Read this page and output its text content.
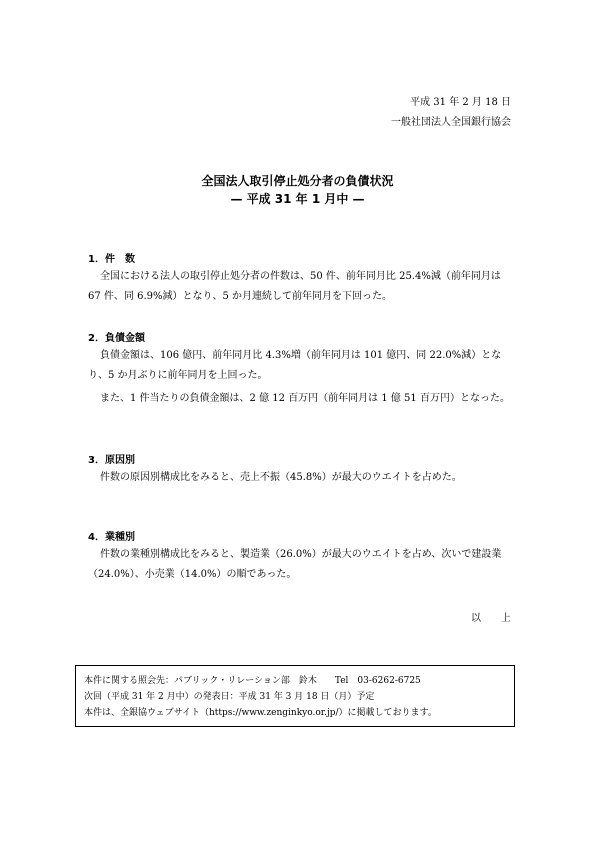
平成 31 年 2 月 18 日
一般社団法人全国銀行協会
全国法人取引停止処分者の負債状況
— 平成 31 年 1 月中 —
1．件　数

全国における法人の取引停止処分者の件数は、50 件、前年同月比 25.4%減（前年同月は 67 件、同 6.9%減）となり、5 か月連続して前年同月を下回った。

2．負債金額

負債金額は、106 億円、前年同月比 4.3%増（前年同月は 101 億円、同 22.0%減）となり、5 か月ぶりに前年同月を上回った。

また、1 件当たりの負債金額は、2 億 12 百万円（前年同月は 1 億 51 百万円）となった。

3．原因別

件数の原因別構成比をみると、売上不振（45.8%）が最大のウエイトを占めた。

4．業種別

件数の業種別構成比をみると、製造業（26.0%）が最大のウエイトを占め、次いで建設業（24.0%）、小売業（14.0%）の順であった。

以　　上
本件に関する照会先：パブリック・リレーション部　鈴木　　Tel　03-6262-6725
次回（平成 31 年 2 月中）の発表日：平成 31 年 3 月 18 日（月）予定
本件は、全銀協ウェブサイト（https://www.zenginkyo.or.jp/）に掲載しております。
